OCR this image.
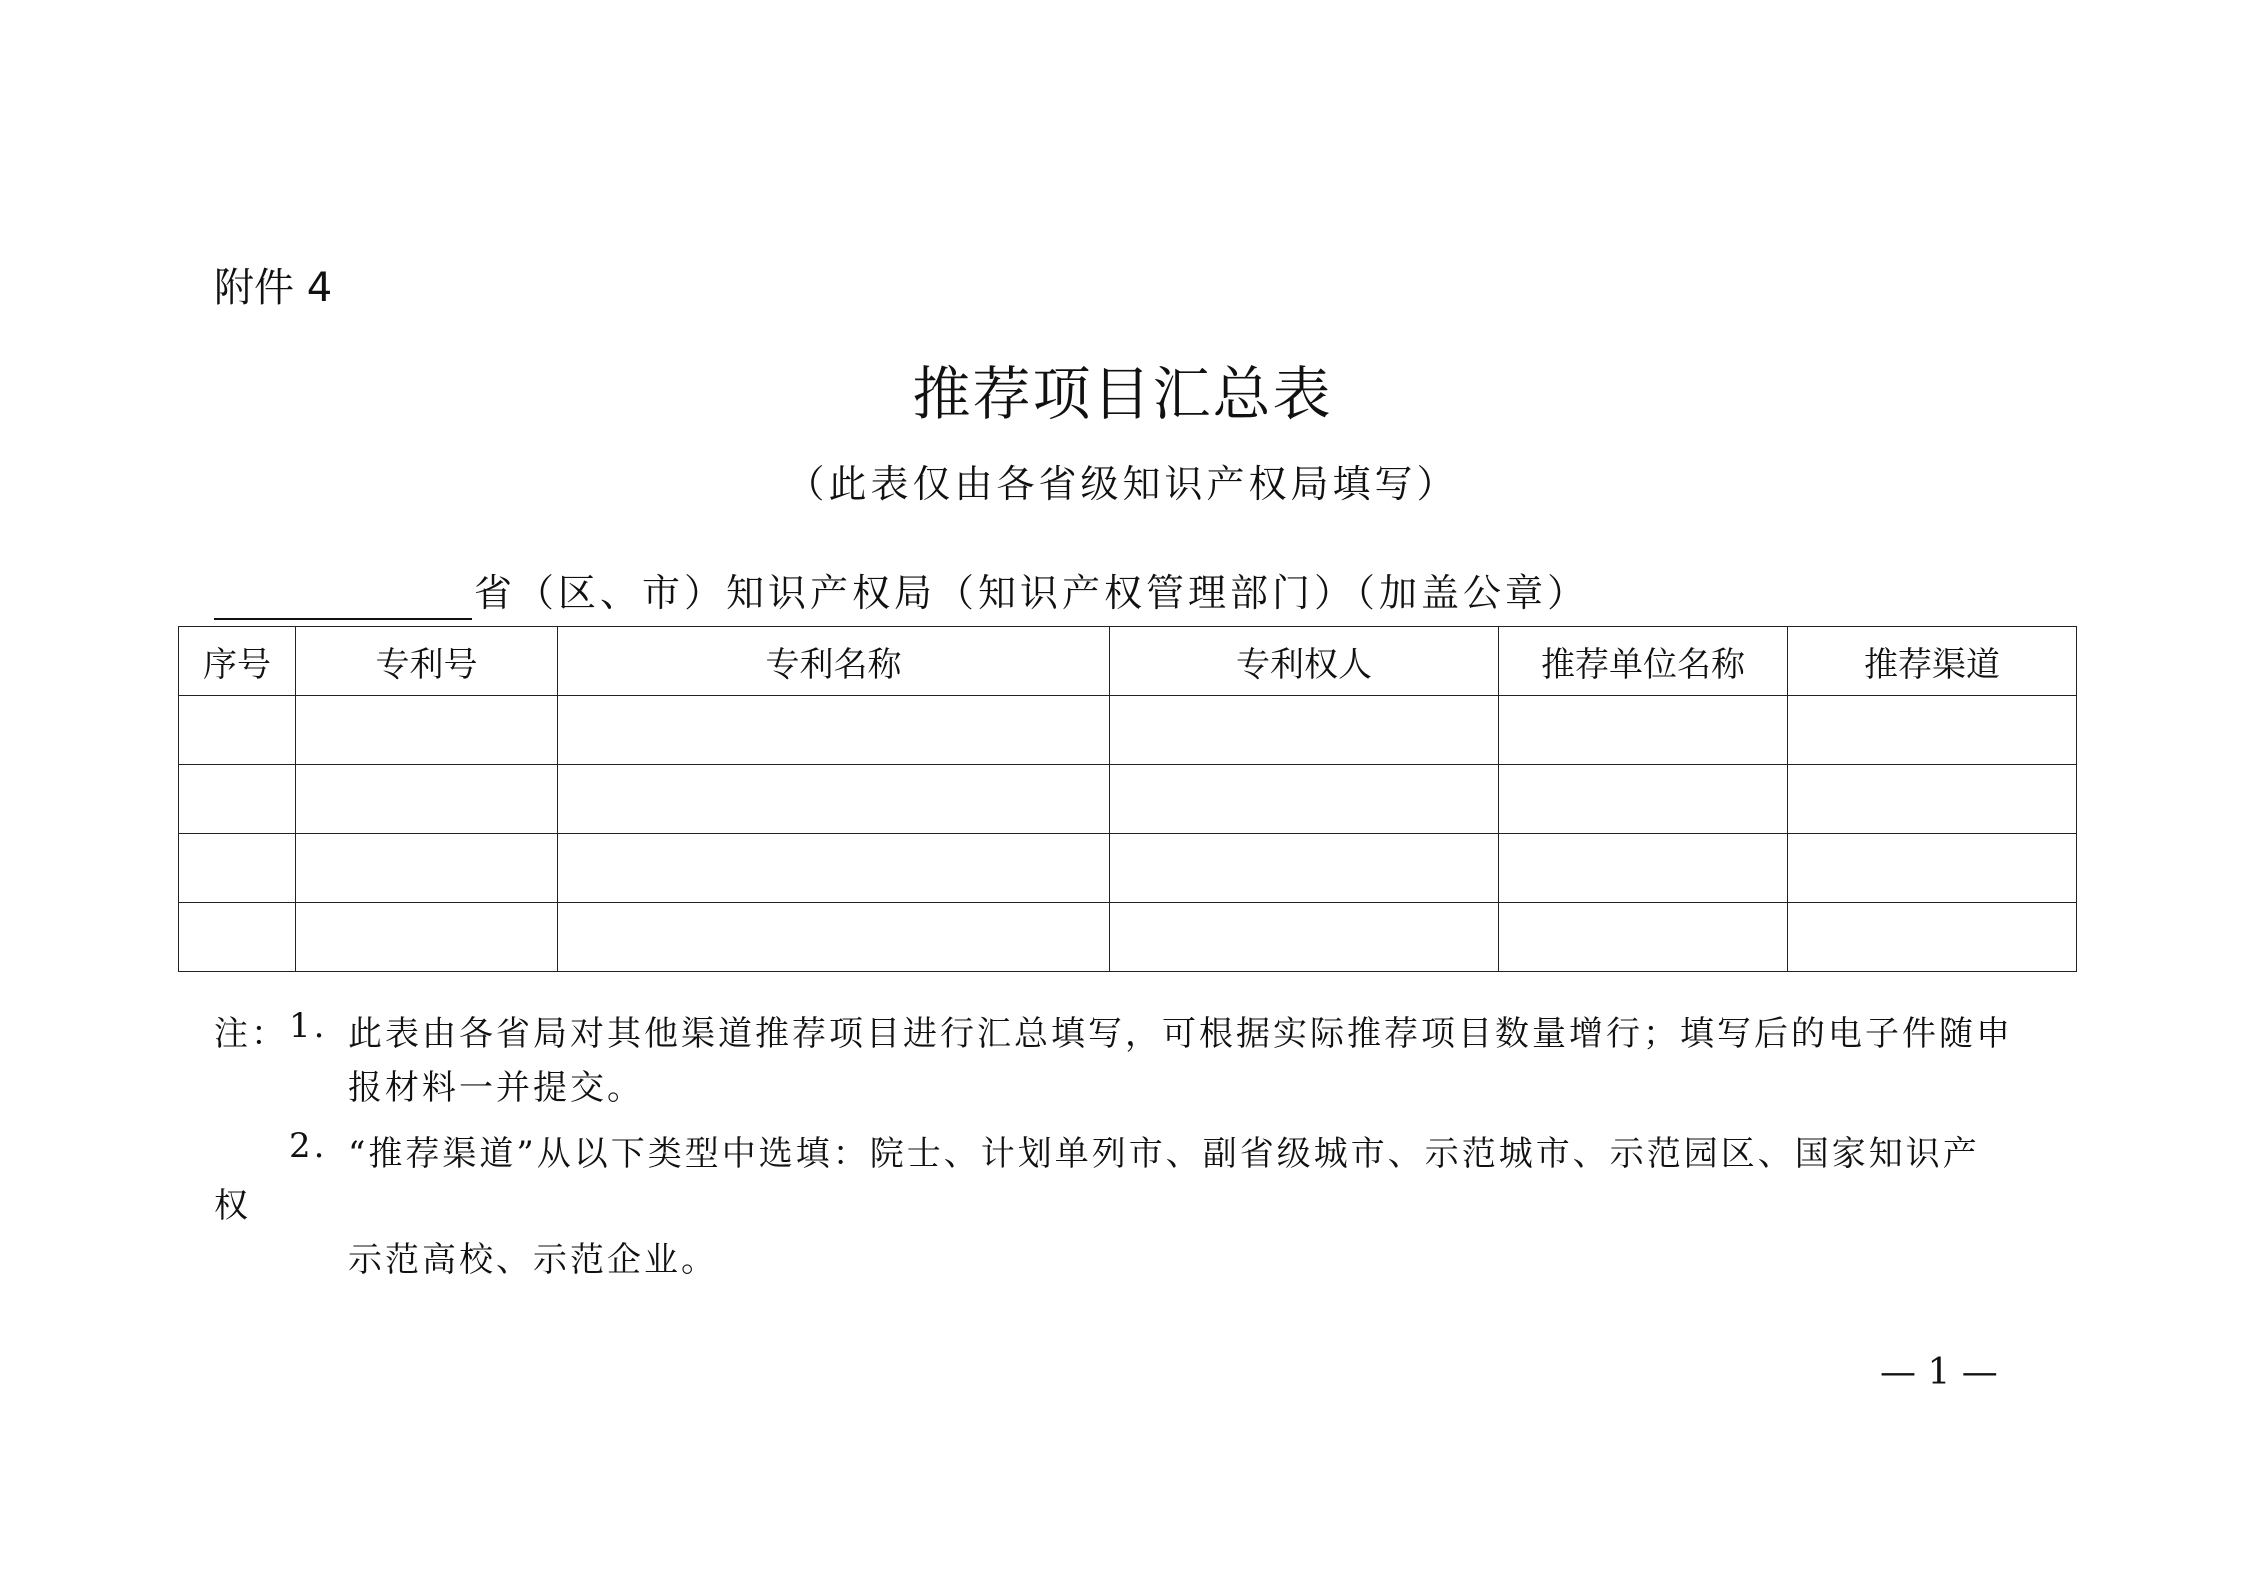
附件 4
推荐项目汇总表
（此表仅由各省级知识产权局填写）
省（区、市）知识产权局（知识产权管理部门）（加盖公章）
序号	专利号	专利名称	专利权人	推荐单位名称	推荐渠道

注： 1. 此表由各省局对其他渠道推荐项目进行汇总填写，可根据实际推荐项目数量增行；填写后的电子件随申
报材料一并提交。
2. “推荐渠道”从以下类型中选填：院士、计划单列市、副省级城市、示范城市、示范园区、国家知识产
权
示范高校、示范企业。
— 1 —
